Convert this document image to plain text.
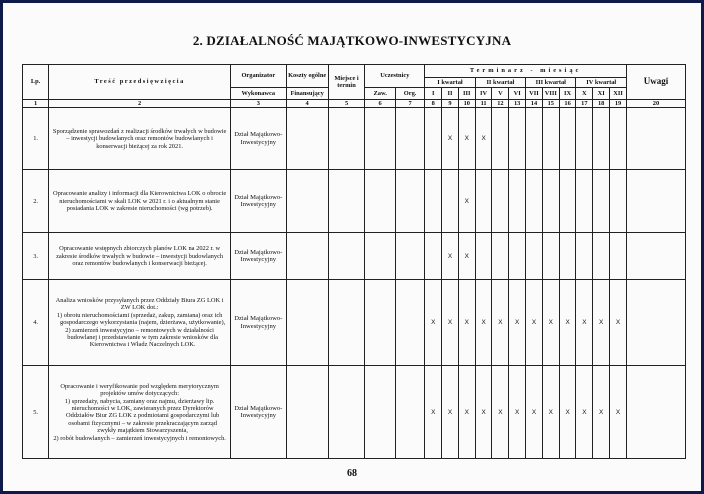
2. DZIAŁALNOŚĆ MAJĄTKOWO-INWESTYCYJNA
Lp.	Treść przedsięwzięcia	Organizator	Koszty ogólne	Miejsce i termin	Uczestnicy		Terminarz - miesiąc												Uwagi
							I kwartał			II kwartał			III kwartał			IV kwartał			
		Wykonawca	Finansujący		Zaw.	Org.	I	II	III	IV	V	VI	VII	VIII	IX	X	XI	XII	
1	2	3	4	5	6	7	8	9	10	11	12	13	14	15	16	17	18	19	20
1.	Sporządzenie sprawozdań z realizacji środków trwałych w budowie – inwestycji budowlanych oraz remontów budowlanych i konserwacji bieżącej za rok 2021.	Dział Majątkowo-Inwestycyjny						X	X	X									
2.	Opracowanie analizy i informacji dla Kierownictwa LOK o obrocie nieruchomościami w skali LOK w 2021 r. i o aktualnym stanie posiadania LOK w zakresie nieruchomości (wg potrzeb).	Dział Majątkowo-Inwestycyjny							X										
3.	Opracowanie wstępnych zbiorczych planów LOK na 2022 r. w zakresie środków trwałych w budowie – inwestycji budowlanych oraz remontów budowlanych i konserwacji bieżącej.	Dział Majątkowo-Inwestycyjny						X	X										
4.	Analiza wniosków przysyłanych przez Oddziały Biura ZG LOK i ZW LOK dot.:
1) obrotu nieruchomościami (sprzedaż, zakup, zamiana) oraz ich gospodarczego wykorzystania (najem, dzierżawa, użytkowanie),
2) zamierzeń inwestycyjno – remontowych w działalności budowlanej i przedstawianie w tym zakresie wniosków dla Kierownictwa i Władz Naczelnych LOK.	Dział Majątkowo-Inwestycyjny					X	X	X	X	X	X	X	X	X	X	X	X	
5.	Opracowanie i weryfikowanie pod względem merytorycznym projektów umów dotyczących:
1) sprzedaży, nabycia, zamiany oraz najmu, dzierżawy lip. nieruchomości w LOK, zawieranych przez Dyrektorów Oddziałów Biur ZG LOK z podmiotami gospodarczymi lub osobami fizycznymi – w zakresie przekraczającym zarząd zwykły majątkiem Stowarzyszenia,
2) robót budowlanych – zamierzeń inwestycyjnych i remontowych.	Dział Majątkowo-Inwestycyjny					X	X	X	X	X	X	X	X	X	X	X	X	
68
